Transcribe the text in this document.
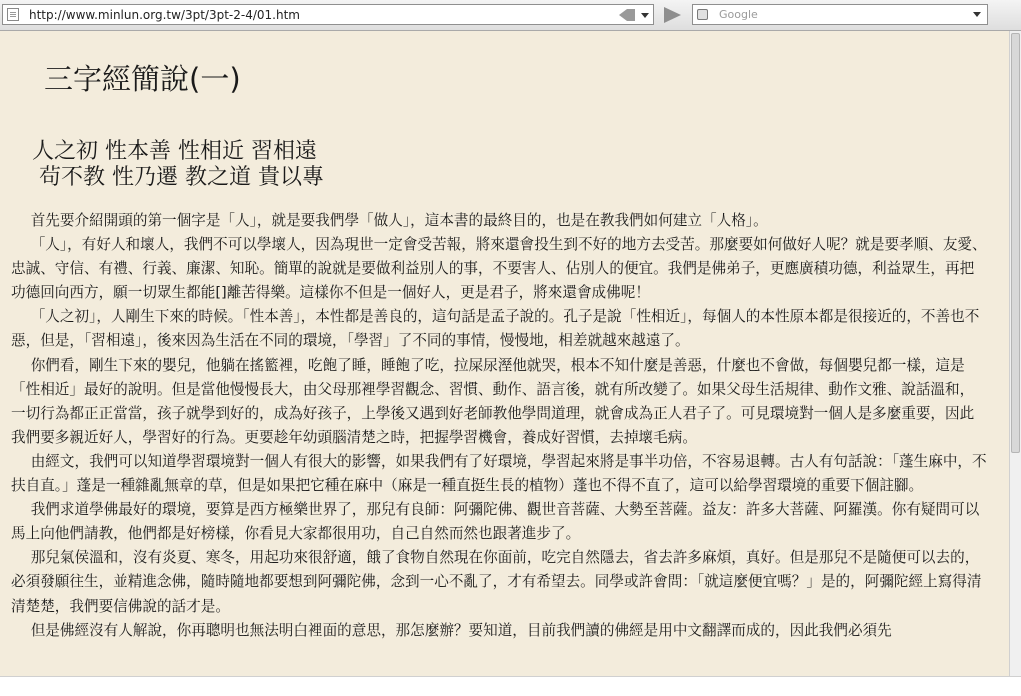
http://www.minlun.org.tw/3pt/3pt-2-4/01.htm	Google
三字經簡說(一)
人之初 性本善 性相近 習相遠
茍不教 性乃遷 教之道 貴以專

首先要介紹開頭的第一個字是「人」，就是要我們學「做人」，這本書的最終目的，也是在教我們如何建立「人格」。

「人」，有好人和壞人，我們不可以學壞人，因為現世一定會受苦報，將來還會投生到不好的地方去受苦。那麼要如何做好人呢？就是要孝順、友愛、忠誠、守信、有禮、行義、廉潔、知恥。簡單的說就是要做利益別人的事，不要害人、佔別人的便宜。我們是佛弟子，更應廣積功德，利益眾生，再把功德回向西方，願一切眾生都能[]離苦得樂。這樣你不但是一個好人，更是君子，將來還會成佛呢！

「人之初」，人剛生下來的時候。「性本善」，本性都是善良的，這句話是孟子說的。孔子是說「性相近」，每個人的本性原本都是很接近的，不善也不惡，但是，「習相遠」，後來因為生活在不同的環境，「學習」了不同的事情，慢慢地，相差就越來越遠了。

你們看，剛生下來的嬰兒，他躺在搖籃裡，吃飽了睡，睡飽了吃，拉屎尿溼他就哭，根本不知什麼是善惡，什麼也不會做，每個嬰兒都一樣，這是「性相近」最好的說明。但是當他慢慢長大，由父母那裡學習觀念、習慣、動作、語言後，就有所改變了。如果父母生活規律、動作文雅、說話溫和，一切行為都正正當當，孩子就學到好的，成為好孩子，上學後又遇到好老師教他學問道理，就會成為正人君子了。可見環境對一個人是多麼重要，因此我們要多親近好人，學習好的行為。更要趁年幼頭腦清楚之時，把握學習機會，養成好習慣，去掉壞毛病。

由經文，我們可以知道學習環境對一個人有很大的影響，如果我們有了好環境，學習起來將是事半功倍，不容易退轉。古人有句話說：「蓬生麻中，不扶自直。」蓬是一種雜亂無章的草，但是如果把它種在麻中（麻是一種直挺生長的植物）蓬也不得不直了，這可以給學習環境的重要下個註腳。

我們求道學佛最好的環境，要算是西方極樂世界了，那兒有良師：阿彌陀佛、觀世音菩薩、大勢至菩薩。益友：許多大菩薩、阿羅漢。你有疑問可以馬上向他們請教，他們都是好榜樣，你看見大家都很用功，自己自然而然也跟著進步了。

那兒氣侯溫和，沒有炎夏、寒冬，用起功來很舒適，餓了食物自然現在你面前，吃完自然隱去，省去許多麻煩，真好。但是那兒不是隨便可以去的，必須發願往生，並精進念佛，隨時隨地都要想到阿彌陀佛，念到一心不亂了，才有希望去。同學或許會問：「就這麼便宜嗎？」是的，阿彌陀經上寫得清清楚楚，我們要信佛說的話才是。

但是佛經沒有人解說，你再聰明也無法明白裡面的意思，那怎麼辦？要知道，目前我們讀的佛經是用中文翻譯而成的，因此我們必須先
